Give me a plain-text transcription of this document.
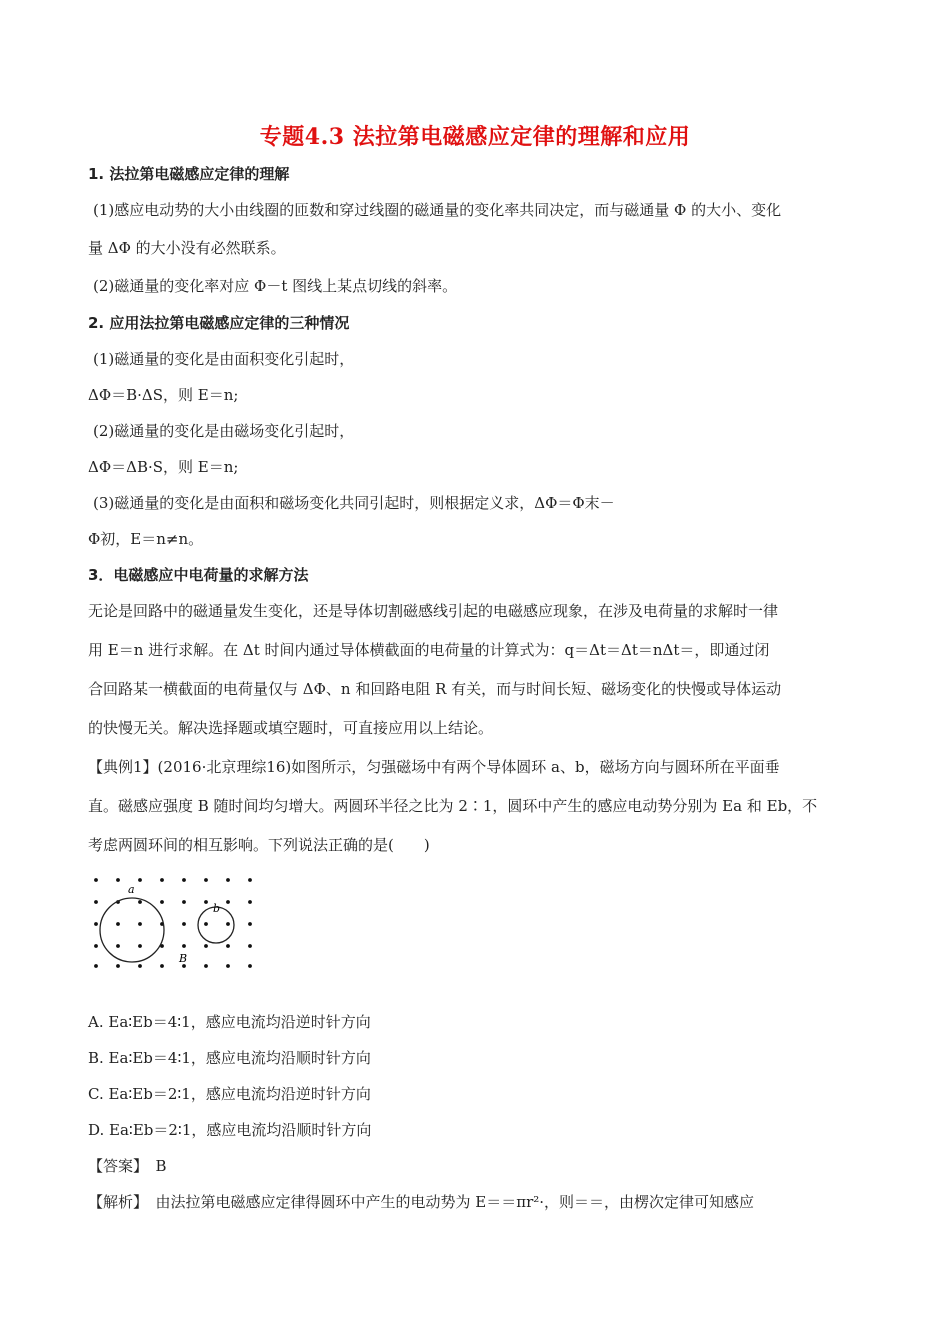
专题4.3 法拉第电磁感应定律的理解和应用
1. 法拉第电磁感应定律的理解
(1)感应电动势的大小由线圈的匝数和穿过线圈的磁通量的变化率共同决定，而与磁通量 Φ 的大小、变化
量 ΔΦ 的大小没有必然联系。
(2)磁通量的变化率对应 Φ－t 图线上某点切线的斜率。
2. 应用法拉第电磁感应定律的三种情况
(1)磁通量的变化是由面积变化引起时，
ΔΦ＝B·ΔS，则 E＝n;
(2)磁通量的变化是由磁场变化引起时，
ΔΦ＝ΔB·S，则 E＝n;
(3)磁通量的变化是由面积和磁场变化共同引起时，则根据定义求，ΔΦ＝Φ末－
Φ初，E＝n≠n。
3．电磁感应中电荷量的求解方法
无论是回路中的磁通量发生变化，还是导体切割磁感线引起的电磁感应现象，在涉及电荷量的求解时一律
用 E＝n 进行求解。在 Δt 时间内通过导体横截面的电荷量的计算式为：q＝Δt＝Δt＝nΔt＝，即通过闭
合回路某一横截面的电荷量仅与 ΔΦ、n 和回路电阻 R 有关，而与时间长短、磁场变化的快慢或导体运动
的快慢无关。解决选择题或填空题时，可直接应用以上结论。
【典例1】(2016·北京理综16)如图所示，匀强磁场中有两个导体圆环 a、b，磁场方向与圆环所在平面垂
直。磁感应强度 B 随时间均匀增大。两圆环半径之比为 2∶1，圆环中产生的感应电动势分别为 Ea 和 Eb，不
考虑两圆环间的相互影响。下列说法正确的是(　　)
a
b
B
A. Ea∶Eb＝4∶1，感应电流均沿逆时针方向
B. Ea∶Eb＝4∶1，感应电流均沿顺时针方向
C. Ea∶Eb＝2∶1，感应电流均沿逆时针方向
D. Ea∶Eb＝2∶1，感应电流均沿顺时针方向
【答案】　B
【解析】　由法拉第电磁感应定律得圆环中产生的电动势为 E＝＝πr²·，则＝＝，由楞次定律可知感应
